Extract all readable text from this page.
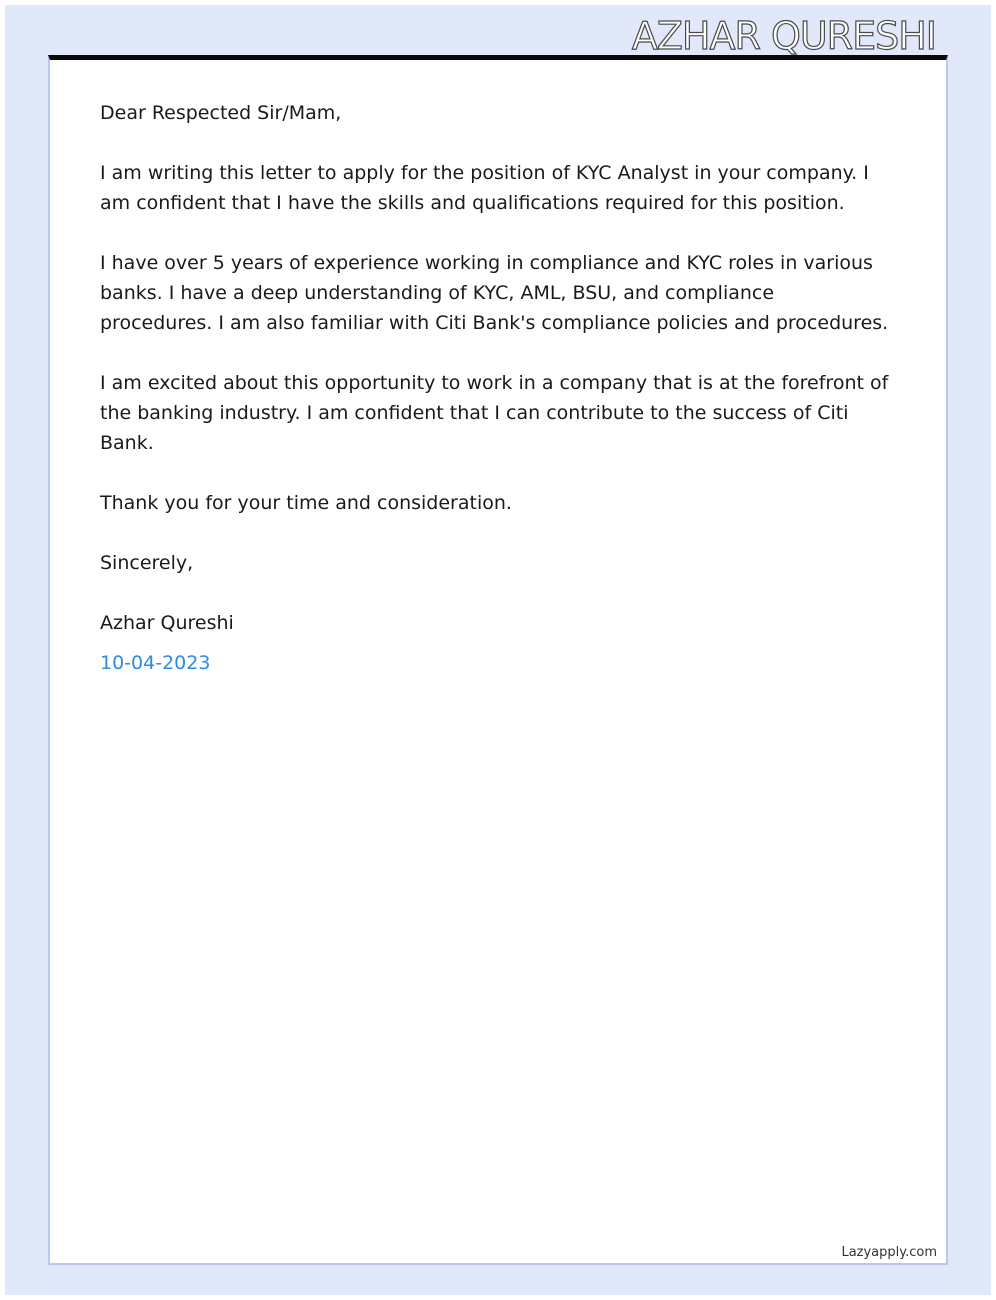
AZHAR QURESHI

Dear Respected Sir/Mam,

I am writing this letter to apply for the position of KYC Analyst in your company. I am confident that I have the skills and qualifications required for this position.

I have over 5 years of experience working in compliance and KYC roles in various banks. I have a deep understanding of KYC, AML, BSU, and compliance procedures. I am also familiar with Citi Bank's compliance policies and procedures.

I am excited about this opportunity to work in a company that is at the forefront of the banking industry. I am confident that I can contribute to the success of Citi Bank.

Thank you for your time and consideration.

Sincerely,

Azhar Qureshi

10-04-2023

Lazyapply.com
